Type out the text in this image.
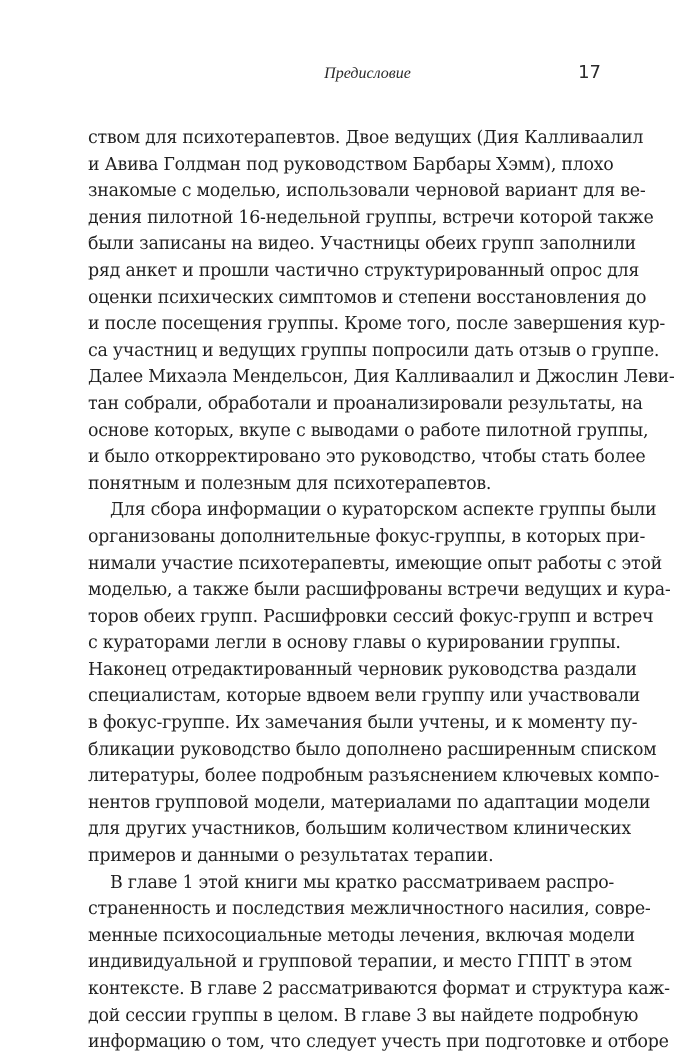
Предисловие	17
ством для психотерапевтов. Двое ведущих (Дия Калливаалил
и Авива Голдман под руководством Барбары Хэмм), плохо
знакомые с моделью, использовали черновой вариант для ве-
дения пилотной 16-недельной группы, встречи которой также
были записаны на видео. Участницы обеих групп заполнили
ряд анкет и прошли частично структурированный опрос для
оценки психических симптомов и степени восстановления до
и после посещения группы. Кроме того, после завершения кур-
са участниц и ведущих группы попросили дать отзыв о группе.
Далее Михаэла Мендельсон, Дия Калливаалил и Джослин Леви-
тан собрали, обработали и проанализировали результаты, на
основе которых, вкупе с выводами о работе пилотной группы,
и было откорректировано это руководство, чтобы стать более
понятным и полезным для психотерапевтов.
Для сбора информации о кураторском аспекте группы были
организованы дополнительные фокус-группы, в которых при-
нимали участие психотерапевты, имеющие опыт работы с этой
моделью, а также были расшифрованы встречи ведущих и кура-
торов обеих групп. Расшифровки сессий фокус-групп и встреч
с кураторами легли в основу главы о курировании группы.
Наконец отредактированный черновик руководства раздали
специалистам, которые вдвоем вели группу или участвовали
в фокус-группе. Их замечания были учтены, и к моменту пу-
бликации руководство было дополнено расширенным списком
литературы, более подробным разъяснением ключевых компо-
нентов групповой модели, материалами по адаптации модели
для других участников, большим количеством клинических
примеров и данными о результатах терапии.
В главе 1 этой книги мы кратко рассматриваем распро-
страненность и последствия межличностного насилия, совре-
менные психосоциальные методы лечения, включая модели
индивидуальной и групповой терапии, и место ГППТ в этом
контексте. В главе 2 рассматриваются формат и структура каж-
дой сессии группы в целом. В главе 3 вы найдете подробную
информацию о том, что следует учесть при подготовке и отборе
